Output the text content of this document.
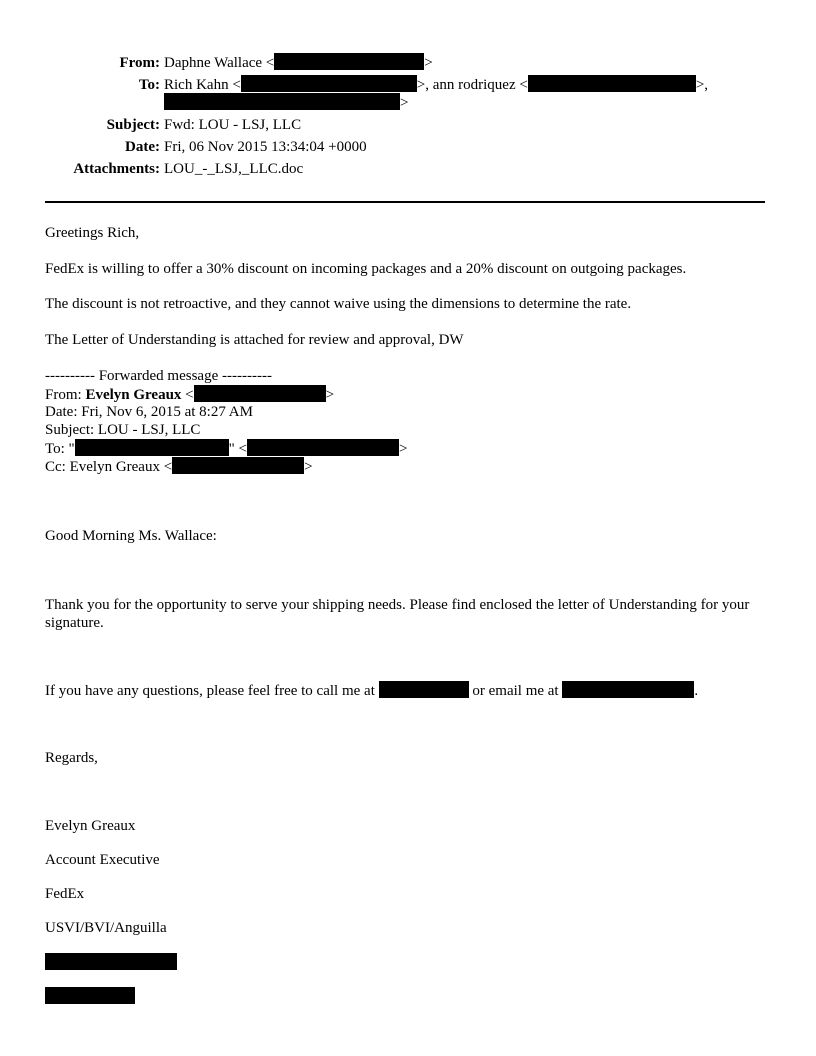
From: Daphne Wallace <	>
To: Rich Kahn <	>, ann rodriquez <	>,
>
Subject: Fwd: LOU - LSJ, LLC
Date: Fri, 06 Nov 2015 13:34:04 +0000
Attachments: LOU_-_LSJ,_LLC.doc
Greetings Rich,
FedEx is willing to offer a 30% discount on incoming packages and a 20% discount on outgoing packages.
The discount is not retroactive, and they cannot waive using the dimensions to determine the rate.
The Letter of Understanding is attached for review and approval, DW
---------- Forwarded message ----------
From: Evelyn Greaux <	>
Date: Fri, Nov 6, 2015 at 8:27 AM
Subject: LOU - LSJ, LLC
To: "	" <	>
Cc: Evelyn Greaux <	>
Good Morning Ms. Wallace:
Thank you for the opportunity to serve your shipping needs. Please find enclosed the letter of Understanding for your signature.
If you have any questions, please feel free to call me at	or email me at	.
Regards,
Evelyn Greaux
Account Executive
FedEx
USVI/BVI/Anguilla
